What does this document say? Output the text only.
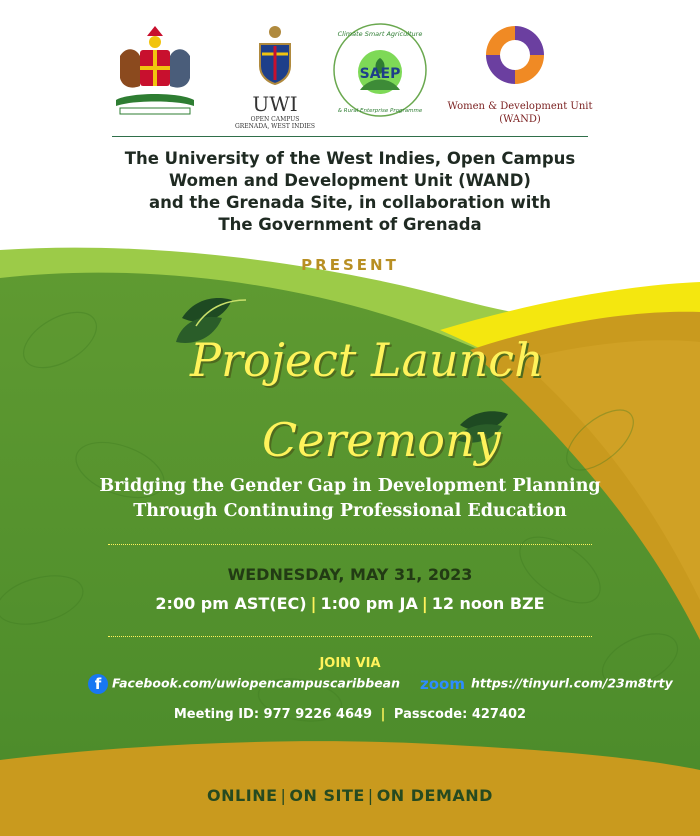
UWI
OPEN CAMPUS
GRENADA, WEST INDIES
SAEP
Climate Smart Agriculture
& Rural Enterprise Programme	Women & Development Unit
(WAND)
The University of the West Indies, Open Campus
Women and Development Unit (WAND)
and the Grenada Site, in collaboration with
The Government of Grenada
PRESENT
Project Launch
Ceremony
Bridging the Gender Gap in Development Planning
Through Continuing Professional Education
WEDNESDAY, MAY 31, 2023
2:00 pm AST(EC) | 1:00 pm JA | 12 noon BZE
JOIN VIA
f Facebook.com/uwiopencampuscaribbean zoom https://tinyurl.com/23m8trty
Meeting ID: 977 9226 4649 | Passcode: 427402
ONLINE | ON SITE | ON DEMAND
